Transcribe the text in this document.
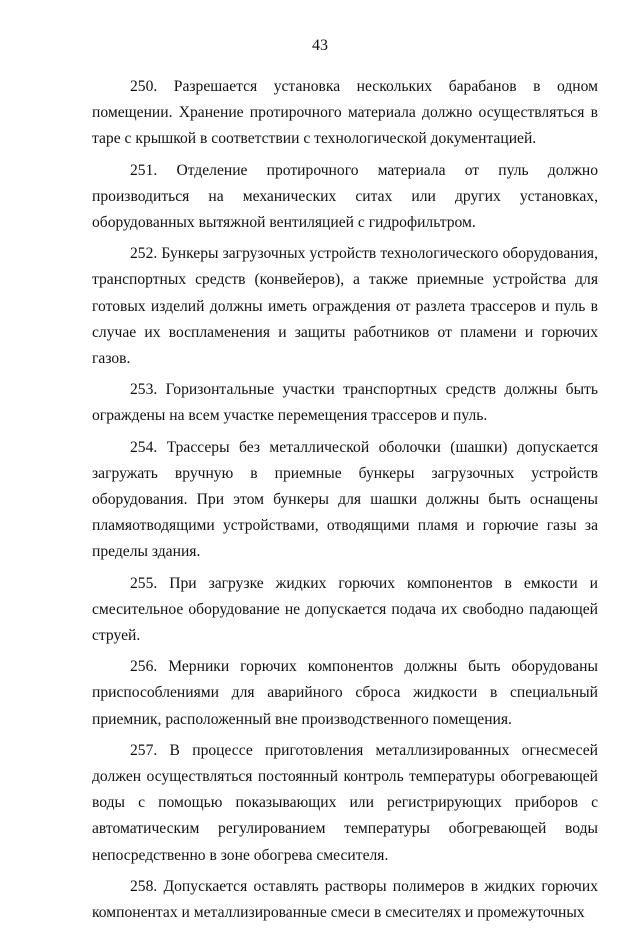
43

250. Разрешается установка нескольких барабанов в одном помещении. Хранение протирочного материала должно осуществляться в таре с крышкой в соответствии с технологической документацией.

251. Отделение протирочного материала от пуль должно производиться на механических ситах или других установках, оборудованных вытяжной вентиляцией с гидрофильтром.

252. Бункеры загрузочных устройств технологического оборудования, транспортных средств (конвейеров), а также приемные устройства для готовых изделий должны иметь ограждения от разлета трассеров и пуль в случае их воспламенения и защиты работников от пламени и горючих газов.

253. Горизонтальные участки транспортных средств должны быть ограждены на всем участке перемещения трассеров и пуль.

254. Трассеры без металлической оболочки (шашки) допускается загружать вручную в приемные бункеры загрузочных устройств оборудования. При этом бункеры для шашки должны быть оснащены пламяотводящими устройствами, отводящими пламя и горючие газы за пределы здания.

255. При загрузке жидких горючих компонентов в емкости и смесительное оборудование не допускается подача их свободно падающей струей.

256. Мерники горючих компонентов должны быть оборудованы приспособлениями для аварийного сброса жидкости в специальный приемник, расположенный вне производственного помещения.

257. В процессе приготовления металлизированных огнесмесей должен осуществляться постоянный контроль температуры обогревающей воды с помощью показывающих или регистрирующих приборов с автоматическим регулированием температуры обогревающей воды непосредственно в зоне обогрева смесителя.

258. Допускается оставлять растворы полимеров в жидких горючих компонентах и металлизированные смеси в смесителях и промежуточных
